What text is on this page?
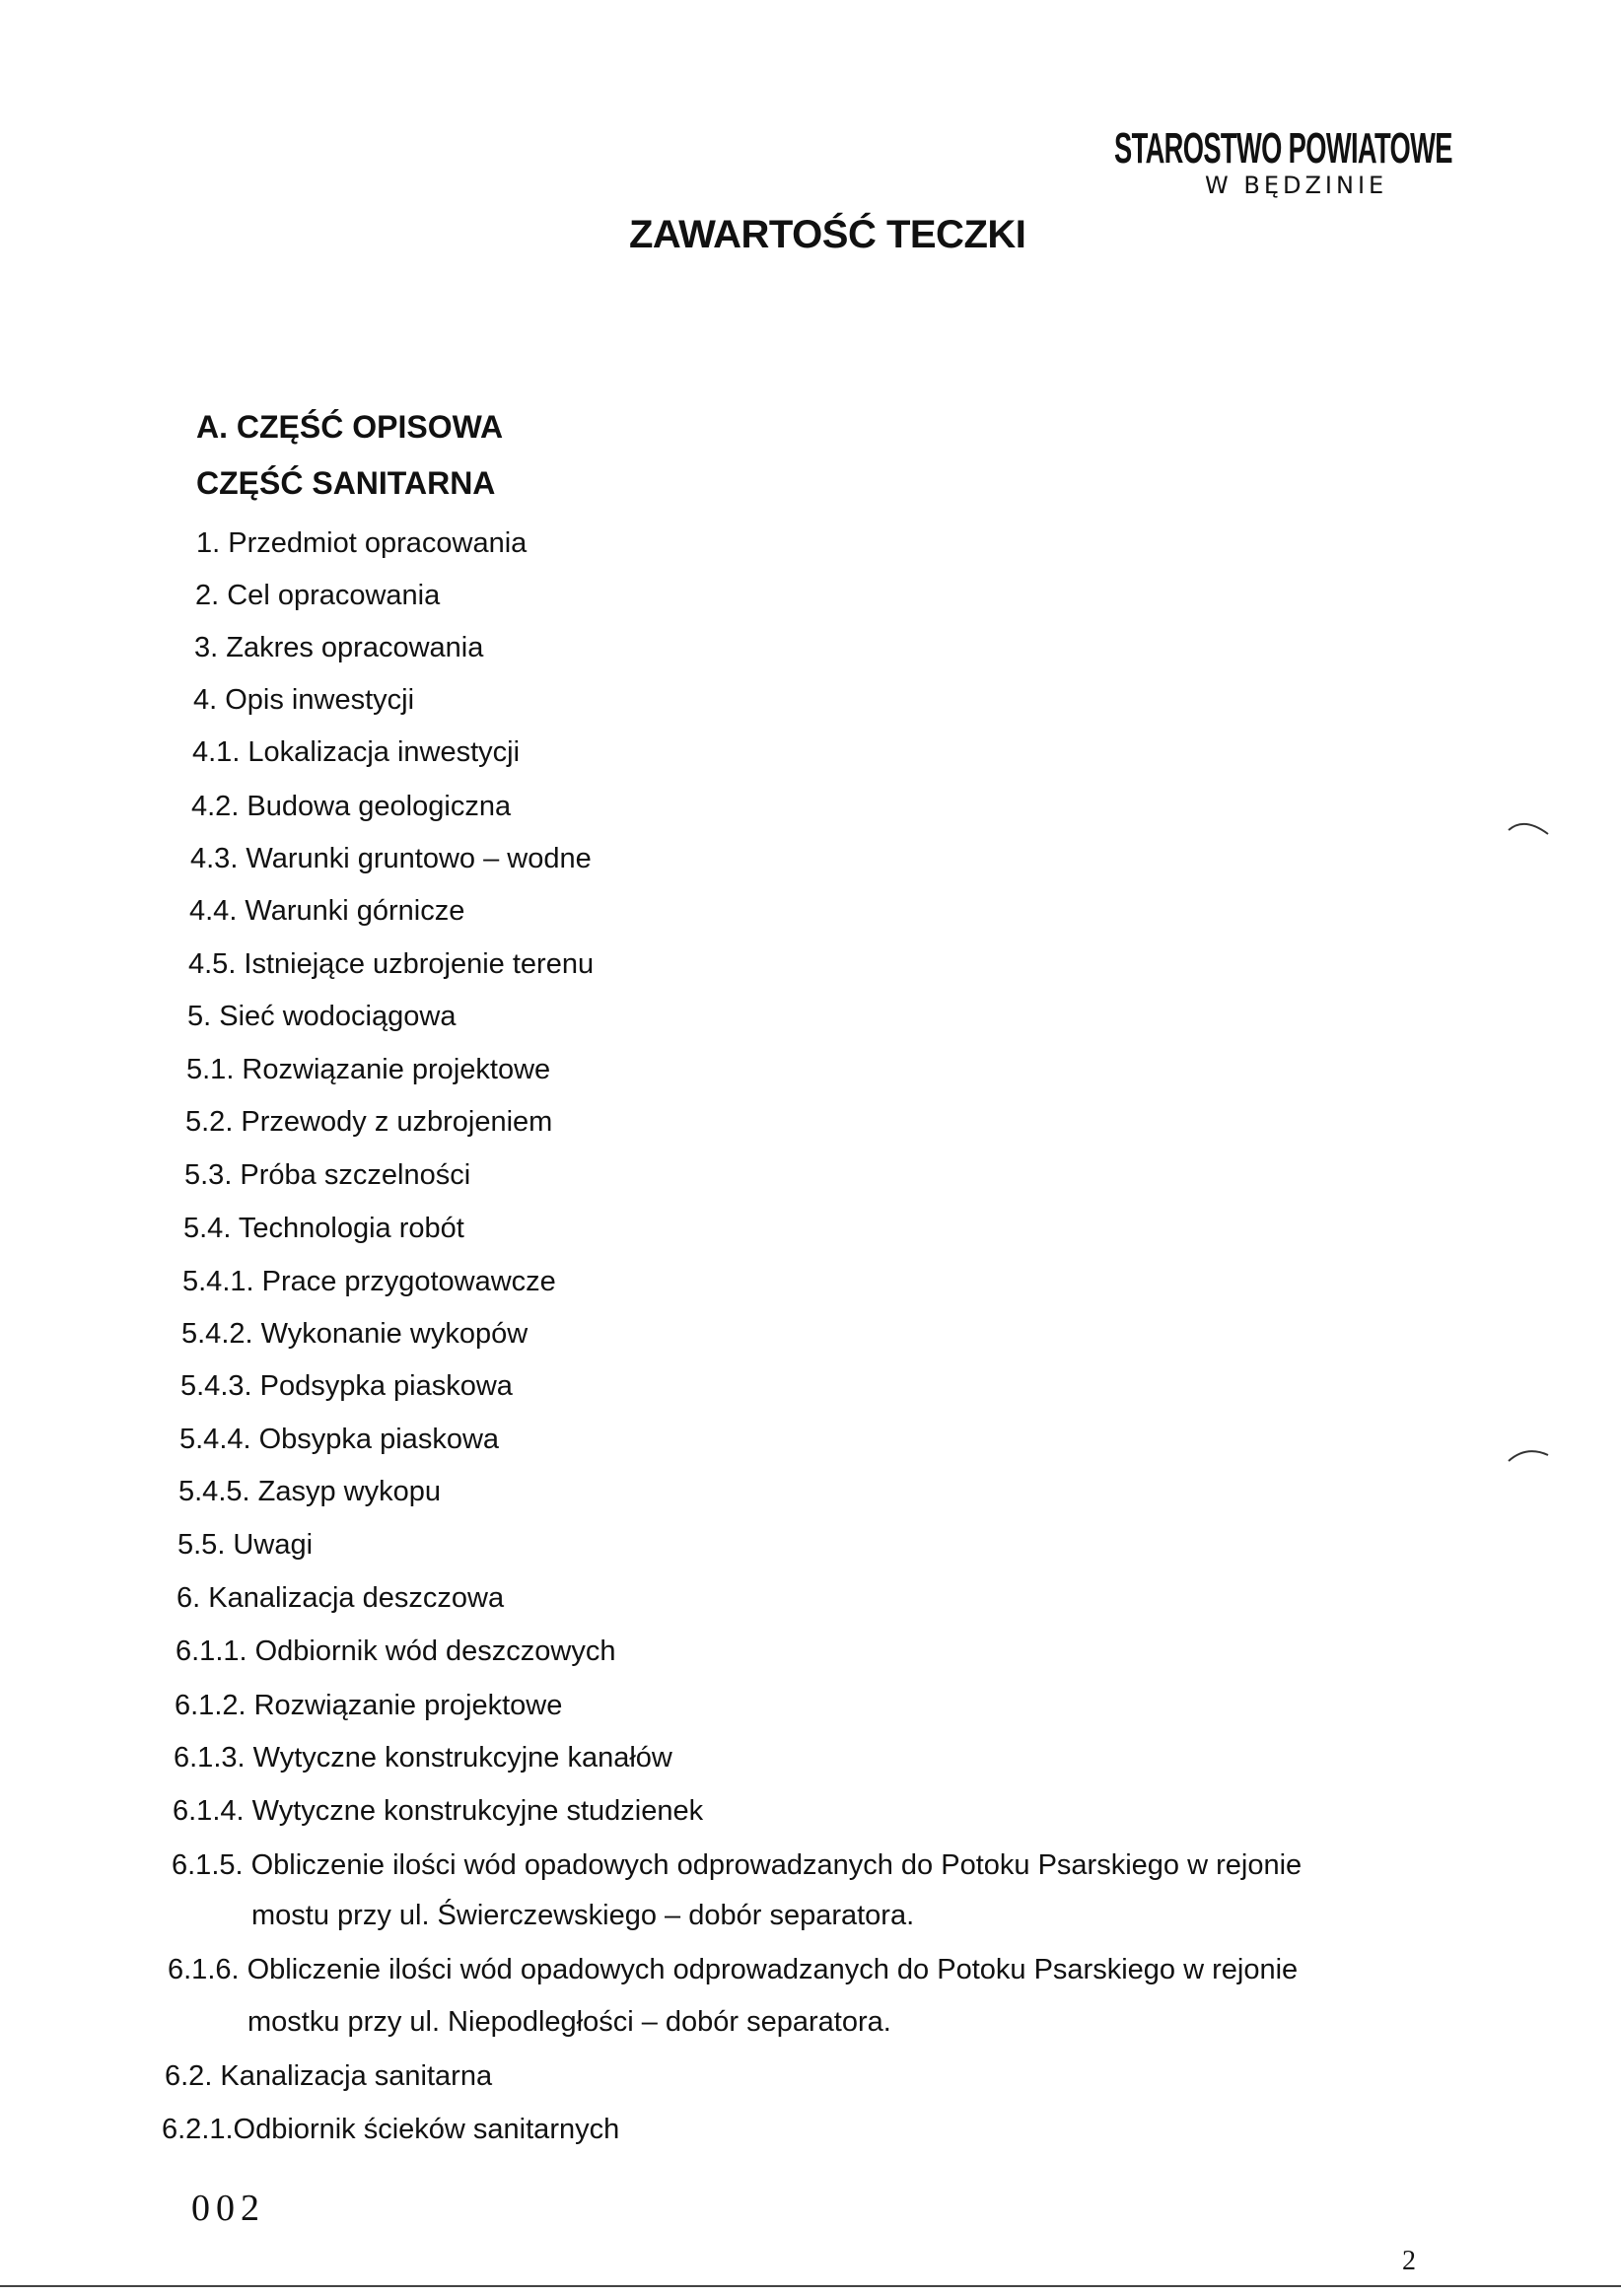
STAROSTWO POWIATOWE
W BĘDZINIE
ZAWARTOŚĆ TECZKI
A. CZĘŚĆ OPISOWA
CZĘŚĆ SANITARNA
1. Przedmiot opracowania
2. Cel opracowania
3. Zakres opracowania
4. Opis inwestycji
4.1. Lokalizacja inwestycji
4.2. Budowa geologiczna
4.3. Warunki gruntowo – wodne
4.4. Warunki górnicze
4.5. Istniejące uzbrojenie terenu
5. Sieć wodociągowa
5.1. Rozwiązanie projektowe
5.2. Przewody z uzbrojeniem
5.3. Próba szczelności
5.4. Technologia robót
5.4.1. Prace przygotowawcze
5.4.2. Wykonanie wykopów
5.4.3. Podsypka piaskowa
5.4.4. Obsypka piaskowa
5.4.5. Zasyp wykopu
5.5. Uwagi
6. Kanalizacja deszczowa
6.1.1. Odbiornik wód deszczowych
6.1.2. Rozwiązanie projektowe
6.1.3. Wytyczne konstrukcyjne kanałów
6.1.4. Wytyczne konstrukcyjne studzienek
6.1.5. Obliczenie ilości wód opadowych odprowadzanych do Potoku Psarskiego w rejonie
mostu przy ul. Świerczewskiego – dobór separatora.
6.1.6. Obliczenie ilości wód opadowych odprowadzanych do Potoku Psarskiego w rejonie
mostku przy ul. Niepodległości – dobór separatora.
6.2. Kanalizacja sanitarna
6.2.1.Odbiornik ścieków sanitarnych
002
2
